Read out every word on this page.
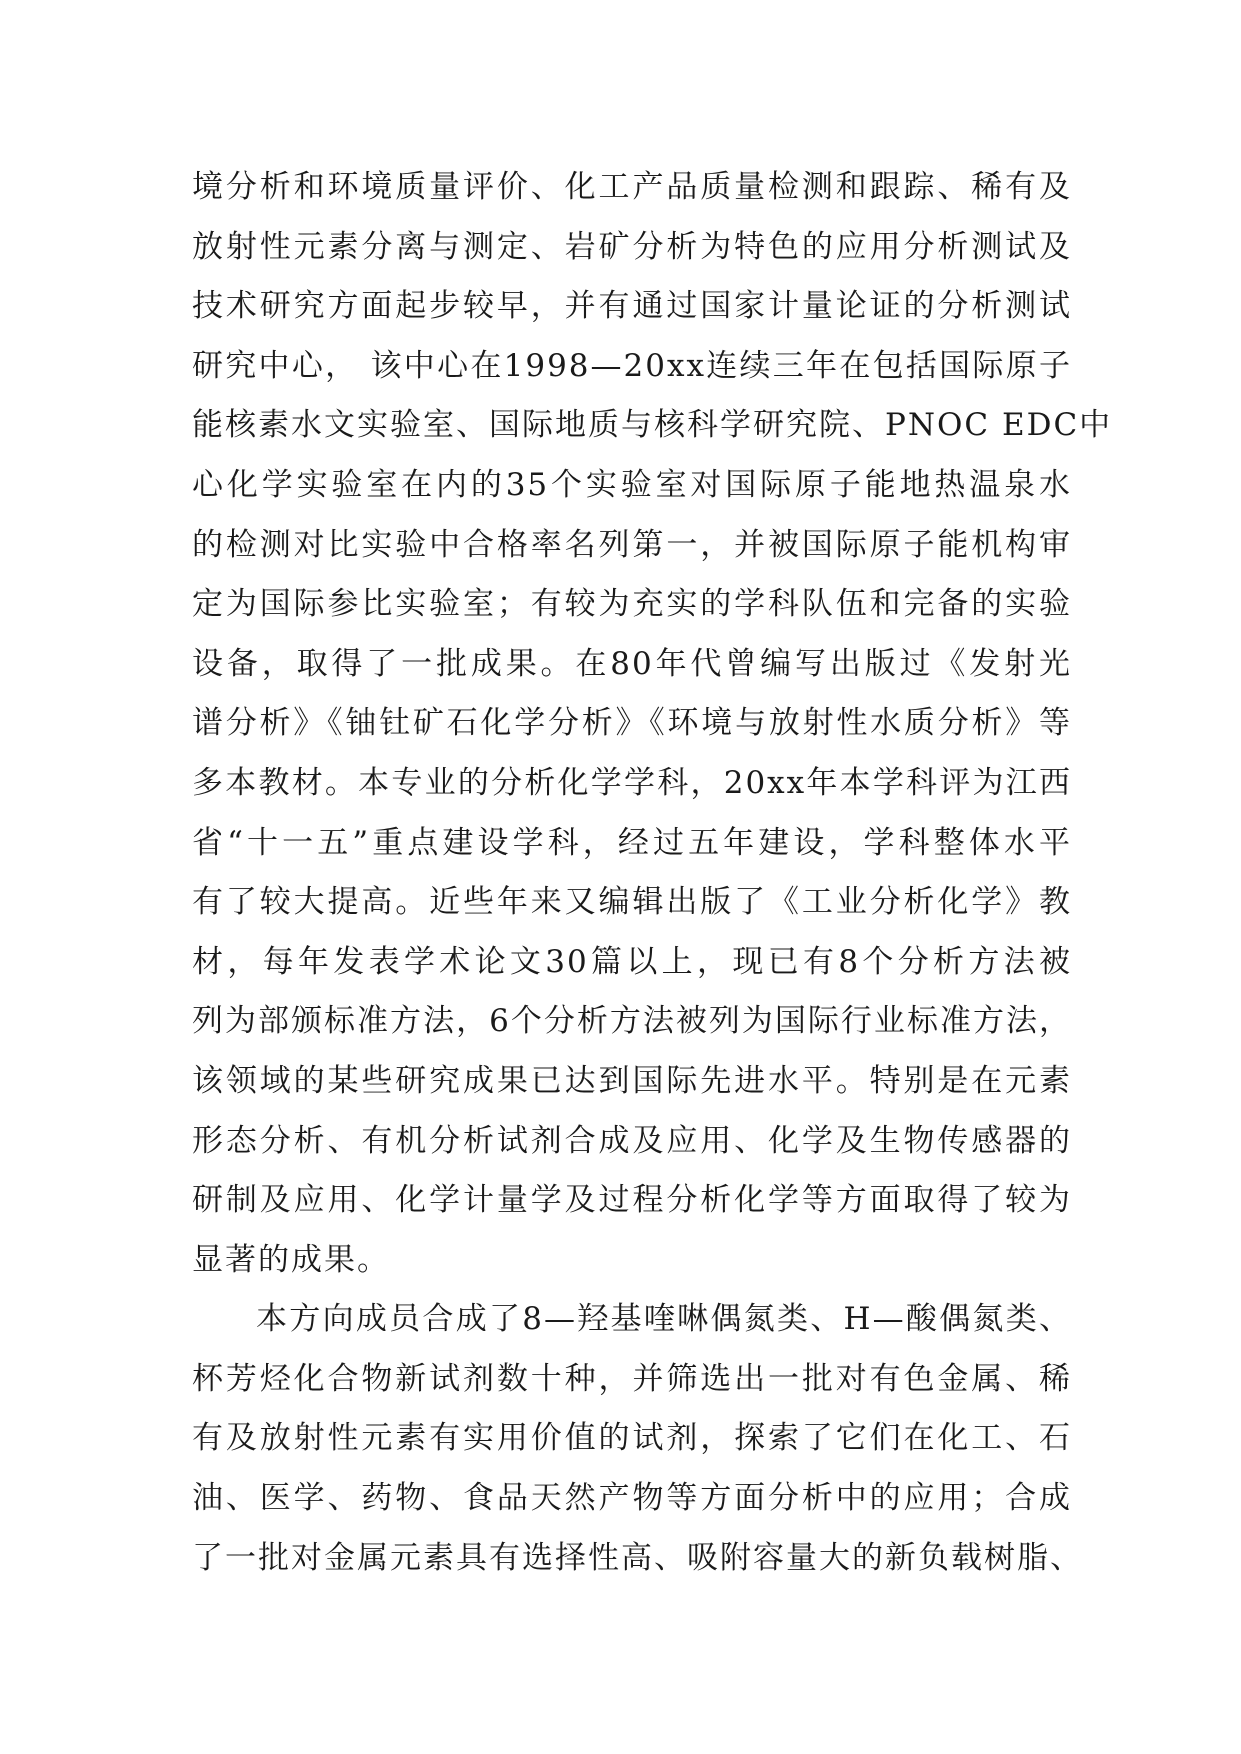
境分析和环境质量评价、化工产品质量检测和跟踪、稀有及
放射性元素分离与测定、岩矿分析为特色的应用分析测试及
技术研究方面起步较早，并有通过国家计量论证的分析测试
研究中心， 该中心在1998—20xx连续三年在包括国际原子
能核素水文实验室、国际地质与核科学研究院、PNOC EDC中
心化学实验室在内的35个实验室对国际原子能地热温泉水
的检测对比实验中合格率名列第一，并被国际原子能机构审
定为国际参比实验室；有较为充实的学科队伍和完备的实验
设备，取得了一批成果。在80年代曾编写出版过《发射光
谱分析》《铀钍矿石化学分析》《环境与放射性水质分析》等
多本教材。本专业的分析化学学科，20xx年本学科评为江西
省“十一五”重点建设学科，经过五年建设，学科整体水平
有了较大提高。近些年来又编辑出版了《工业分析化学》教
材，每年发表学术论文30篇以上，现已有8个分析方法被
列为部颁标准方法，6个分析方法被列为国际行业标准方法，
该领域的某些研究成果已达到国际先进水平。特别是在元素
形态分析、有机分析试剂合成及应用、化学及生物传感器的
研制及应用、化学计量学及过程分析化学等方面取得了较为
显著的成果。
本方向成员合成了8—羟基喹啉偶氮类、H—酸偶氮类、
杯芳烃化合物新试剂数十种，并筛选出一批对有色金属、稀
有及放射性元素有实用价值的试剂，探索了它们在化工、石
油、医学、药物、食品天然产物等方面分析中的应用；合成
了一批对金属元素具有选择性高、吸附容量大的新负载树脂、
